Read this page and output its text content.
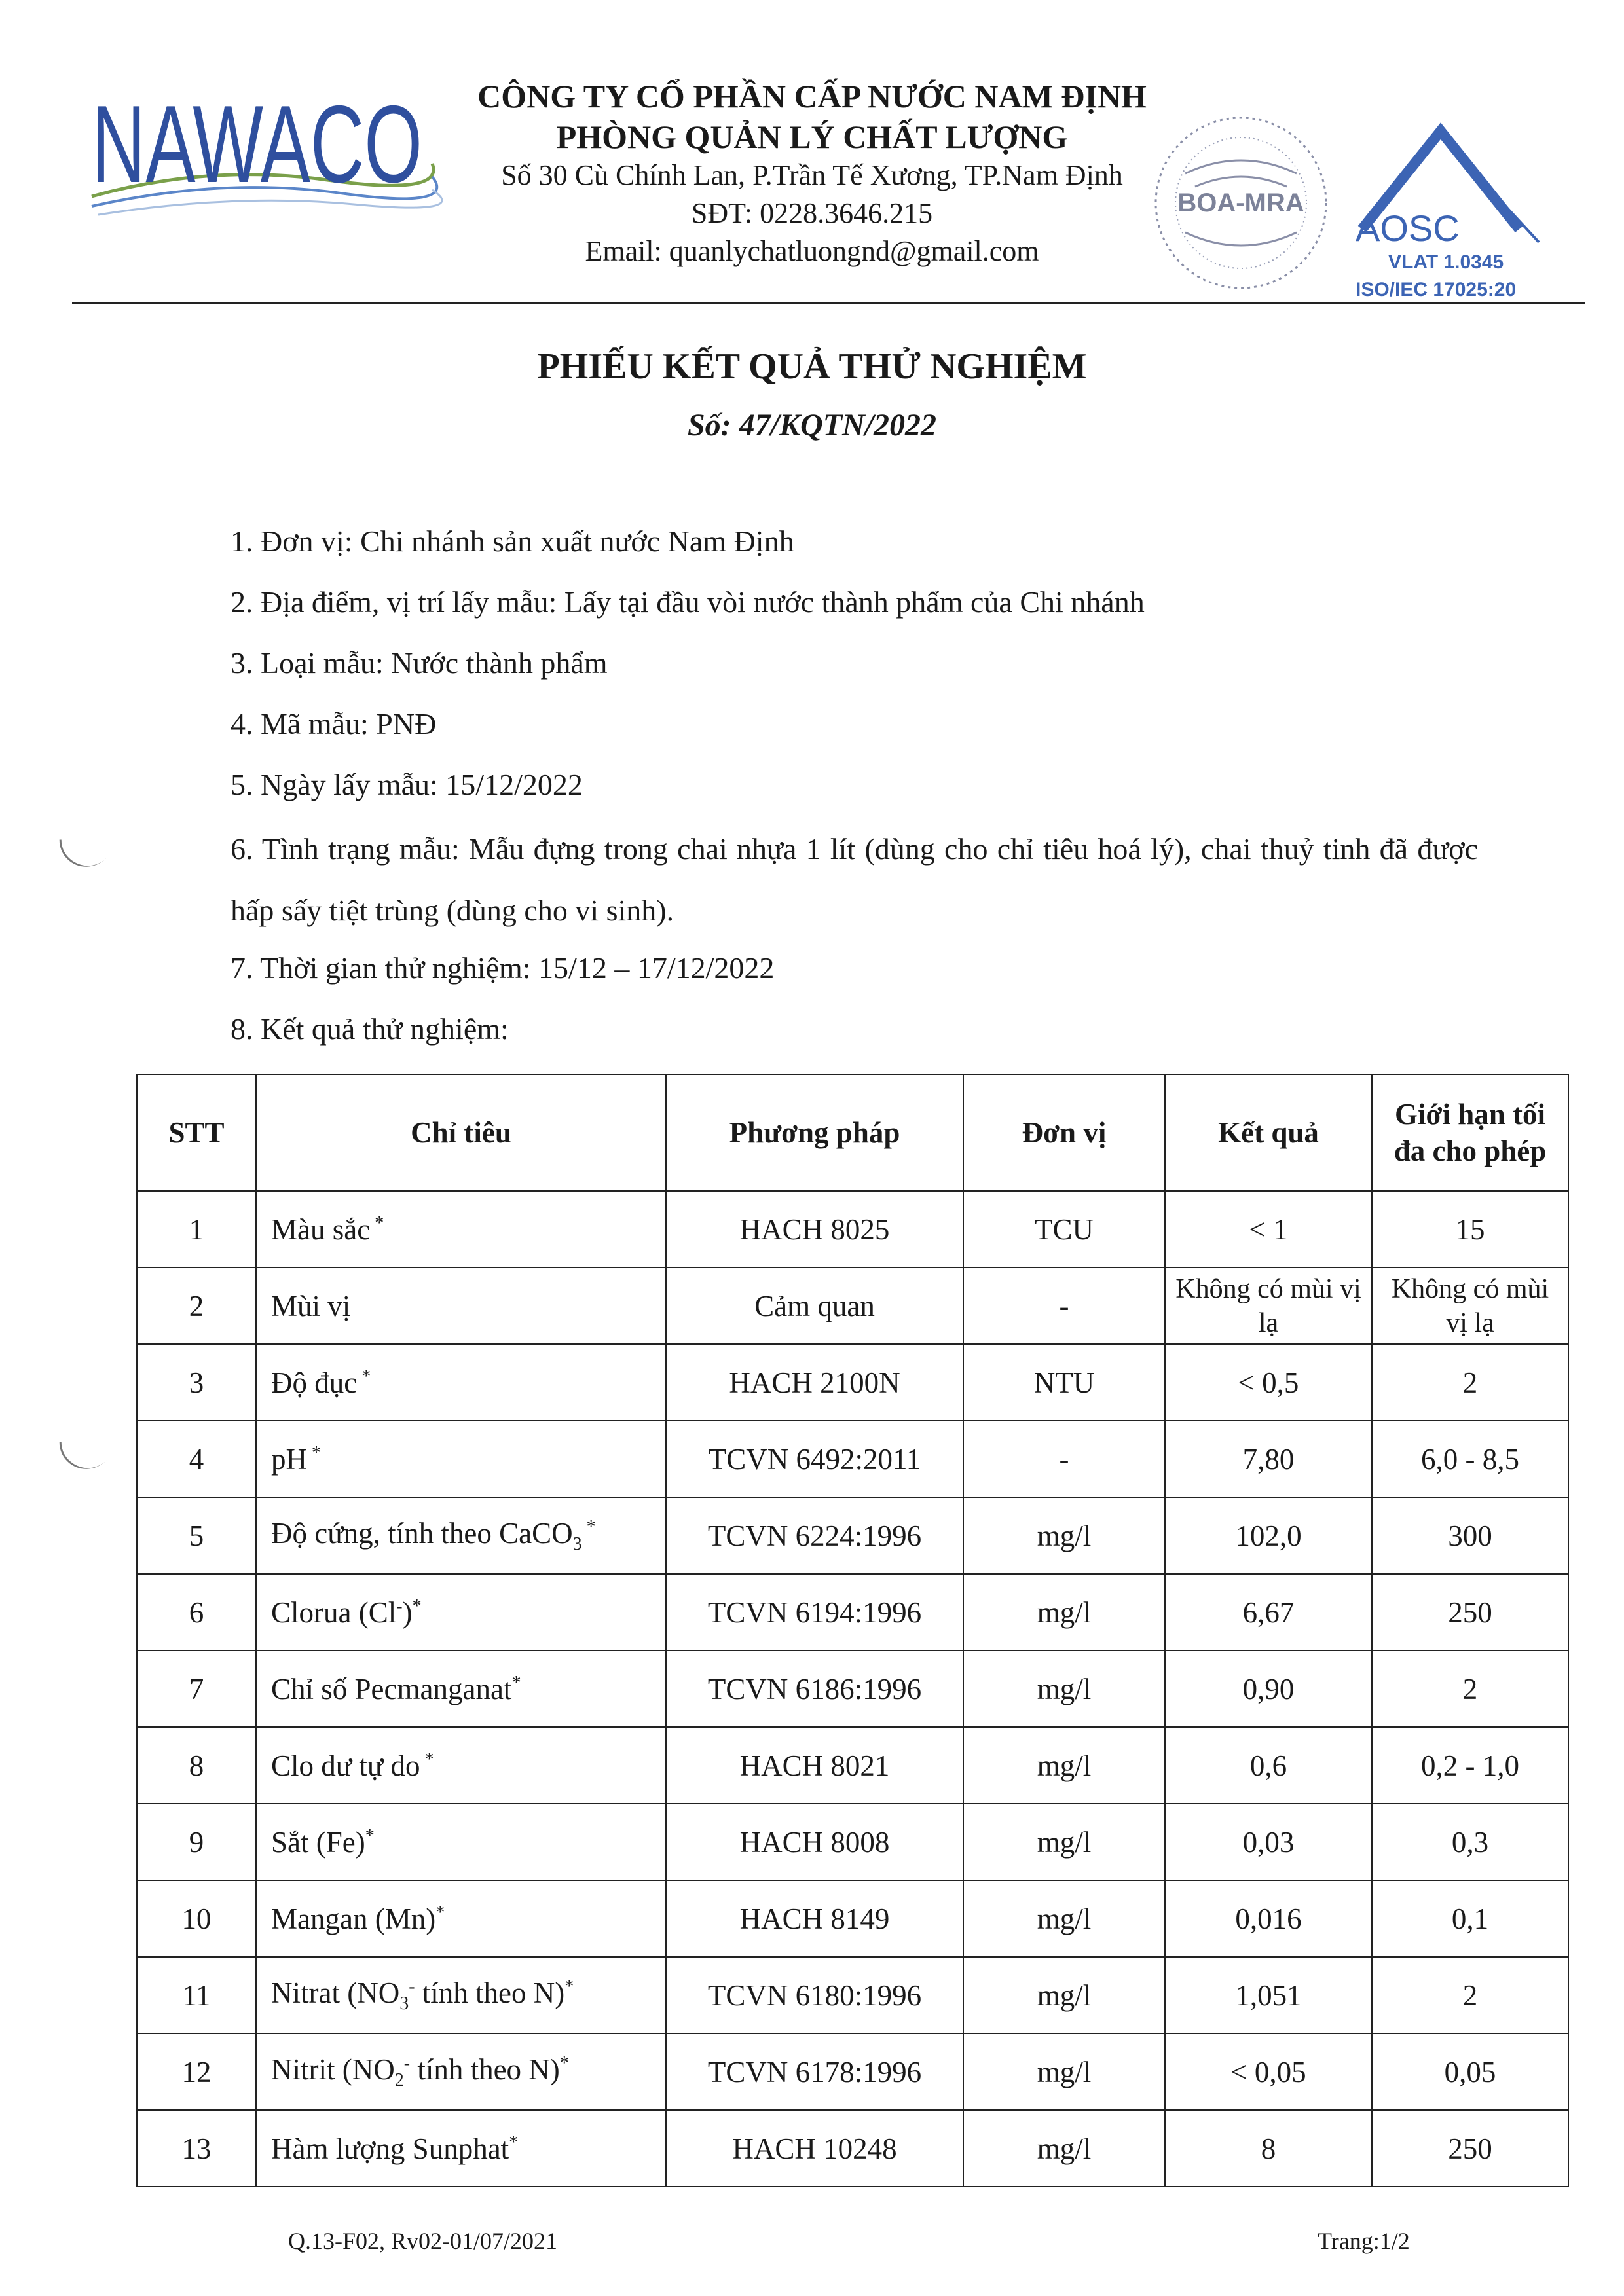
NAWACO	CÔNG TY CỔ PHẦN CẤP NƯỚC NAM ĐỊNH
PHÒNG QUẢN LÝ CHẤT LƯỢNG
Số 30 Cù Chính Lan, P.Trần Tế Xương, TP.Nam Định
SĐT: 0228.3646.215
Email: quanlychatluongnd@gmail.com
BOA-MRA
AOSC
VLAT 1.0345
ISO/IEC 17025:20
PHIẾU KẾT QUẢ THỬ NGHIỆM
Số: 47/KQTN/2022
1. Đơn vị: Chi nhánh sản xuất nước Nam Định
2. Địa điểm, vị trí lấy mẫu: Lấy tại đầu vòi nước thành phẩm của Chi nhánh
3. Loại mẫu: Nước thành phẩm
4. Mã mẫu: PNĐ
5. Ngày lấy mẫu: 15/12/2022
6. Tình trạng mẫu: Mẫu đựng trong chai nhựa 1 lít (dùng cho chỉ tiêu hoá lý), chai thuỷ tinh đã được hấp sấy tiệt trùng (dùng cho vi sinh).
7. Thời gian thử nghiệm: 15/12 – 17/12/2022
8. Kết quả thử nghiệm:
STT	Chỉ tiêu	Phương pháp	Đơn vị	Kết quả	Giới hạn tối đa cho phép
1	Màu sắc *	HACH 8025	TCU	< 1	15
2	Mùi vị	Cảm quan	-	Không có mùi vị lạ	Không có mùi vị lạ
3	Độ đục *	HACH 2100N	NTU	< 0,5	2
4	pH *	TCVN 6492:2011	-	7,80	6,0 - 8,5
5	Độ cứng, tính theo CaCO$_3$ *	TCVN 6224:1996	mg/l	102,0	300
6	Clorua (Cl-)*	TCVN 6194:1996	mg/l	6,67	250
7	Chỉ số Pecmanganat*	TCVN 6186:1996	mg/l	0,90	2
8	Clo dư tự do *	HACH 8021	mg/l	0,6	0,2 - 1,0
9	Sắt (Fe)*	HACH 8008	mg/l	0,03	0,3
10	Mangan (Mn)*	HACH 8149	mg/l	0,016	0,1
11	Nitrat ($NO_3^-$ tính theo N)*	TCVN 6180:1996	mg/l	1,051	2
12	Nitrit ($NO_2^-$ tính theo N)*	TCVN 6178:1996	mg/l	< 0,05	0,05
13	Hàm lượng Sunphat*	HACH 10248	mg/l	8	250
Q.13-F02, Rv02-01/07/2021	Trang:1/2
